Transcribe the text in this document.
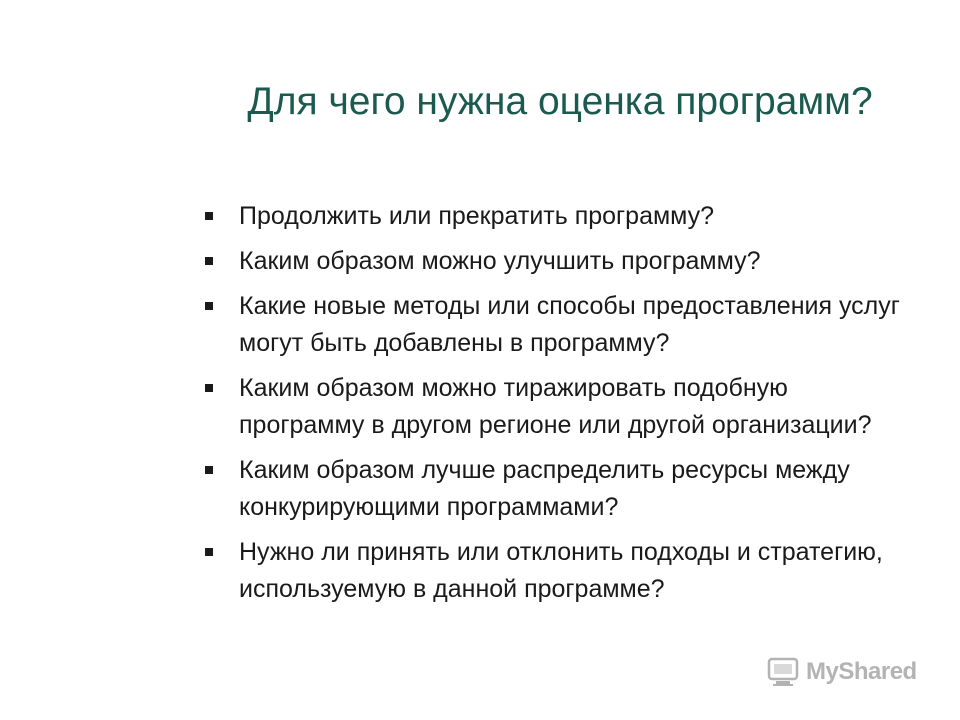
Для чего нужна оценка программ?
Продолжить или прекратить программу?
Каким образом можно улучшить программу?
Какие новые методы или способы предоставления услуг могут быть добавлены в программу?
Каким образом можно тиражировать подобную программу в другом регионе или другой организации?
Каким образом лучше распределить ресурсы между конкурирующими программами?
Нужно ли принять или отклонить подходы и стратегию, используемую в данной программе?
MyShared
